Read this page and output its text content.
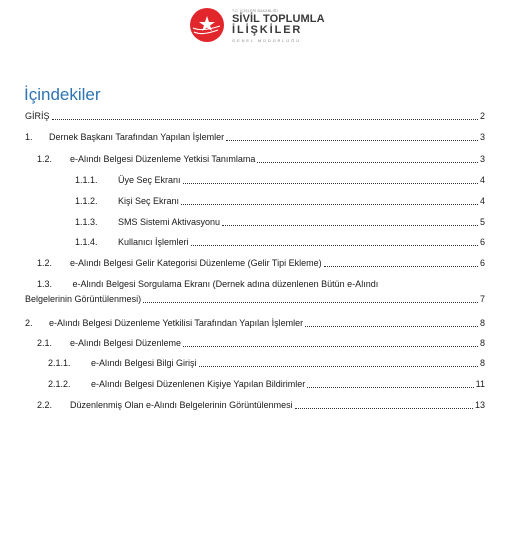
T.C. İÇİŞLERİ BAKANLIĞI
SİVİL TOPLUMLA
İLİŞKİLER
GENEL MÜDÜRLÜĞÜ
İçindekiler
GİRİŞ	2
1.	Dernek Başkanı Tarafından Yapılan İşlemler	3
1.2.	e-Alındı Belgesi Düzenleme Yetkisi Tanımlama	3
1.1.1.	Üye Seç Ekranı	4
1.1.2.	Kişi Seç Ekranı	4
1.1.3.	SMS Sistemi Aktivasyonu	5
1.1.4.	Kullanıcı İşlemleri	6
1.2.	e-Alındı Belgesi Gelir Kategorisi Düzenleme (Gelir Tipi Ekleme)	6
1.3. e-Alındı Belgesi Sorgulama Ekranı (Dernek adına düzenlenen Bütün e-Alındı
Belgelerinin Görüntülenmesi)	7
2.	e-Alındı Belgesi Düzenleme Yetkilisi Tarafından Yapılan İşlemler	8
2.1.	e-Alındı Belgesi Düzenleme	8
2.1.1.	e-Alındı Belgesi Bilgi Girişi	8
2.1.2.	e-Alındı Belgesi Düzenlenen Kişiye Yapılan Bildirimler	11
2.2.	Düzenlenmiş Olan e-Alındı Belgelerinin Görüntülenmesi	13
